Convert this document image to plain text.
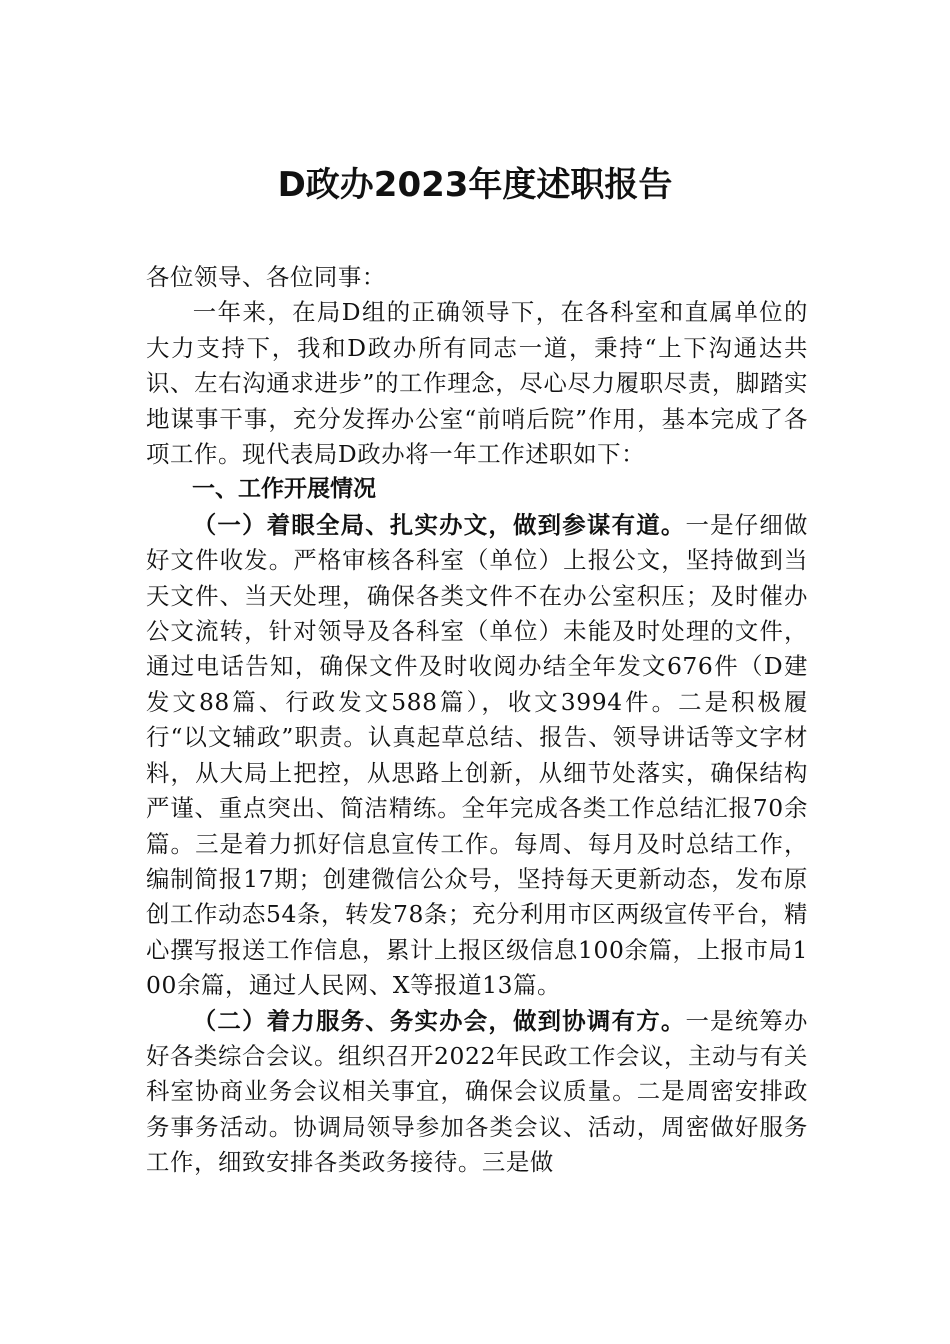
D政办2023年度述职报告

各位领导、各位同事：

一年来，在局D组的正确领导下，在各科室和直属单位的大力支持下，我和D政办所有同志一道，秉持“上下沟通达共识、左右沟通求进步”的工作理念，尽心尽力履职尽责，脚踏实地谋事干事，充分发挥办公室“前哨后院”作用，基本完成了各项工作。现代表局D政办将一年工作述职如下：

一、工作开展情况

（一）着眼全局、扎实办文，做到参谋有道。一是仔细做好文件收发。严格审核各科室（单位）上报公文，坚持做到当天文件、当天处理，确保各类文件不在办公室积压；及时催办公文流转，针对领导及各科室（单位）未能及时处理的文件，通过电话告知，确保文件及时收阅办结全年发文676件（D建发文88篇、行政发文588篇），收文3994件。二是积极履行“以文辅政”职责。认真起草总结、报告、领导讲话等文字材料，从大局上把控，从思路上创新，从细节处落实，确保结构严谨、重点突出、简洁精练。全年完成各类工作总结汇报70余篇。三是着力抓好信息宣传工作。每周、每月及时总结工作，编制简报17期；创建微信公众号，坚持每天更新动态，发布原创工作动态54条，转发78条；充分利用市区两级宣传平台，精心撰写报送工作信息，累计上报区级信息100余篇，上报市局100余篇，通过人民网、X等报道13篇。

（二）着力服务、务实办会，做到协调有方。一是统筹办好各类综合会议。组织召开2022年民政工作会议，主动与有关科室协商业务会议相关事宜，确保会议质量。二是周密安排政务事务活动。协调局领导参加各类会议、活动，周密做好服务工作，细致安排各类政务接待。三是做
